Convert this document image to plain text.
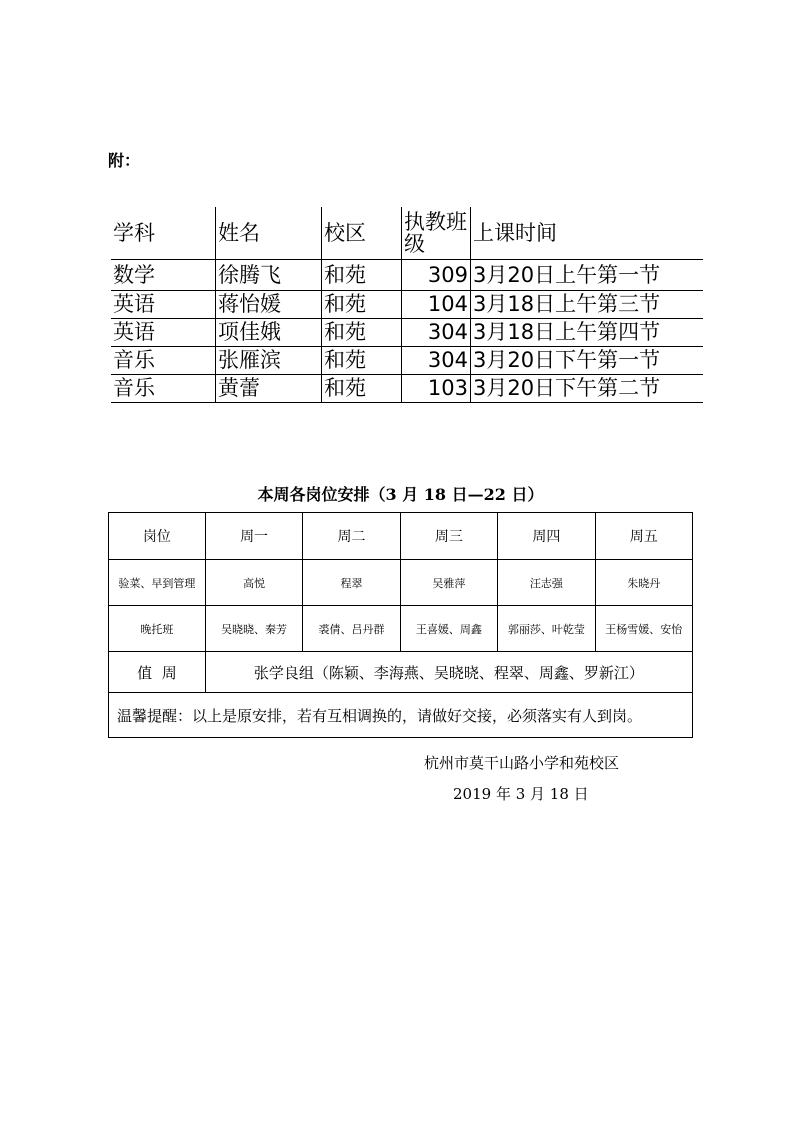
附：
学科	姓名	校区	执教班级	上课时间
数学	徐腾飞	和苑	309	3月20日上午第一节
英语	蒋怡媛	和苑	104	3月18日上午第三节
英语	项佳娥	和苑	304	3月18日上午第四节
音乐	张雁滨	和苑	304	3月20日下午第一节
音乐	黄蕾	和苑	103	3月20日下午第二节
本周各岗位安排（3 月 18 日—22 日）
岗位	周一	周二	周三	周四	周五
验菜、早到管理	高悦	程翠	吴雅萍	汪志强	朱晓丹
晚托班	吴晓晓、秦芳	裘倩、吕丹群	王喜媛、周鑫	郭丽莎、叶乾莹	王杨雪媛、安怡
值  周	张学良组（陈颖、李海燕、吴晓晓、程翠、周鑫、罗新江）				
温馨提醒：以上是原安排，若有互相调换的，请做好交接，必须落实有人到岗。					
杭州市莫干山路小学和苑校区
2019 年 3 月 18 日
